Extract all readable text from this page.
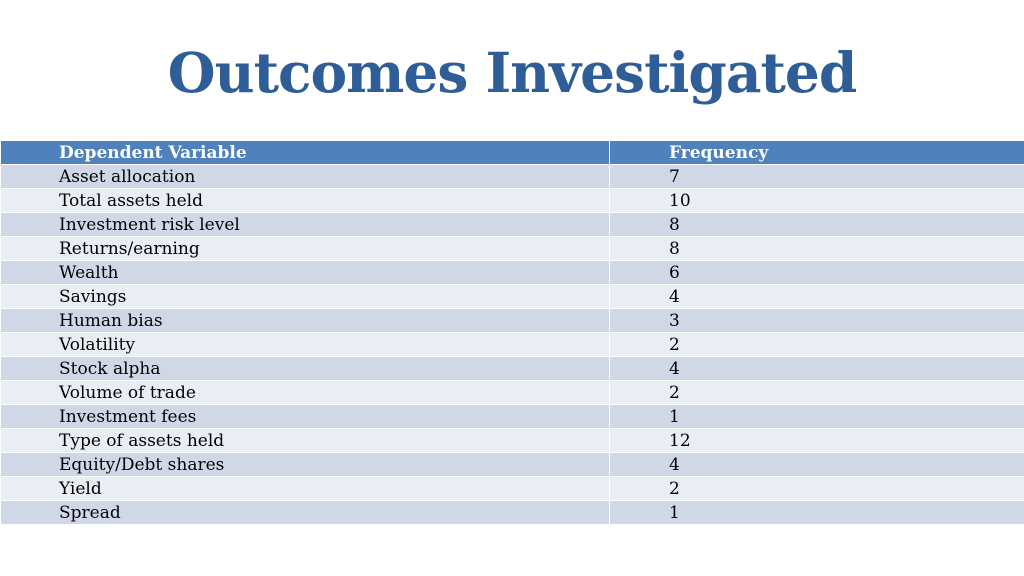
Outcomes Investigated
Dependent Variable	Frequency
Asset allocation	7
Total assets held	10
Investment risk level	8
Returns/earning	8
Wealth	6
Savings	4
Human bias	3
Volatility	2
Stock alpha	4
Volume of trade	2
Investment fees	1
Type of assets held	12
Equity/Debt shares	4
Yield	2
Spread	1
